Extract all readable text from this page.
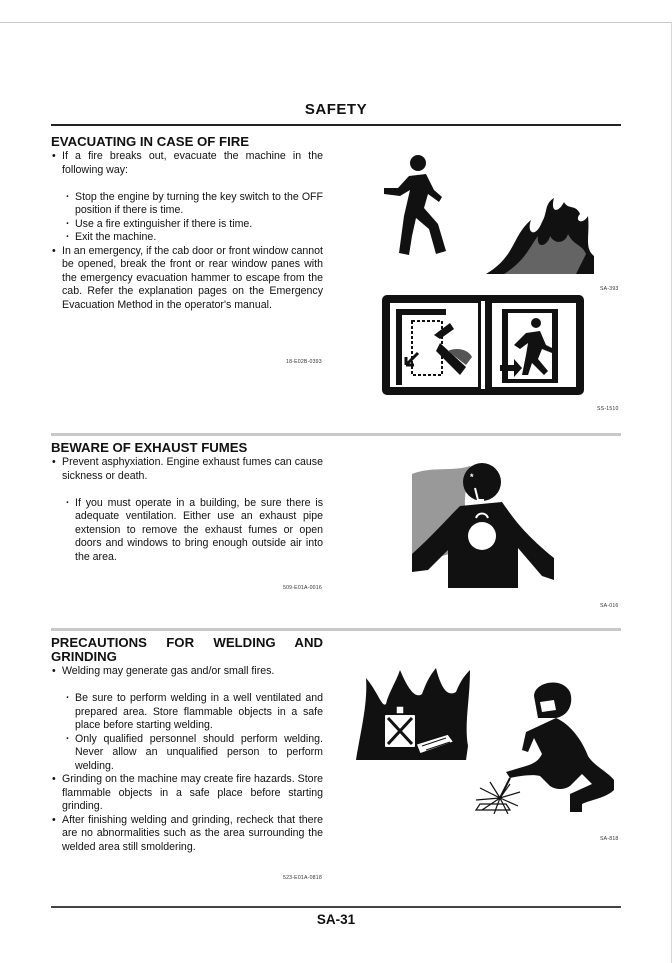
SAFETY
EVACUATING IN CASE OF FIRE
• If a fire breaks out, evacuate the machine in the following way:
· Stop the engine by turning the key switch to the OFF position if there is time.
· Use a fire extinguisher if there is time.
· Exit the machine.
• In an emergency, if the cab door or front window cannot be opened, break the front or rear window panes with the emergency evacuation hammer to escape from the cab. Refer the explanation pages on the Emergency Evacuation Method in the operator's manual.
18-E02B-0393
SA-393
SS-1510
BEWARE OF EXHAUST FUMES
• Prevent asphyxiation. Engine exhaust fumes can cause sickness or death.
· If you must operate in a building, be sure there is adequate ventilation. Either use an exhaust pipe extension to remove the exhaust fumes or open doors and windows to bring enough outside air into the area.
509-E01A-0016
*
SA-016
PRECAUTIONS FOR WELDING AND
GRINDING
• Welding may generate gas and/or small fires.
· Be sure to perform welding in a well ventilated and prepared area. Store flammable objects in a safe place before starting welding.
· Only qualified personnel should perform welding. Never allow an unqualified person to perform welding.
• Grinding on the machine may create fire hazards. Store flammable objects in a safe place before starting grinding.
• After finishing welding and grinding, recheck that there are no abnormalities such as the area surrounding the welded area still smoldering.
523-E01A-0818
SA-818
SA-31
